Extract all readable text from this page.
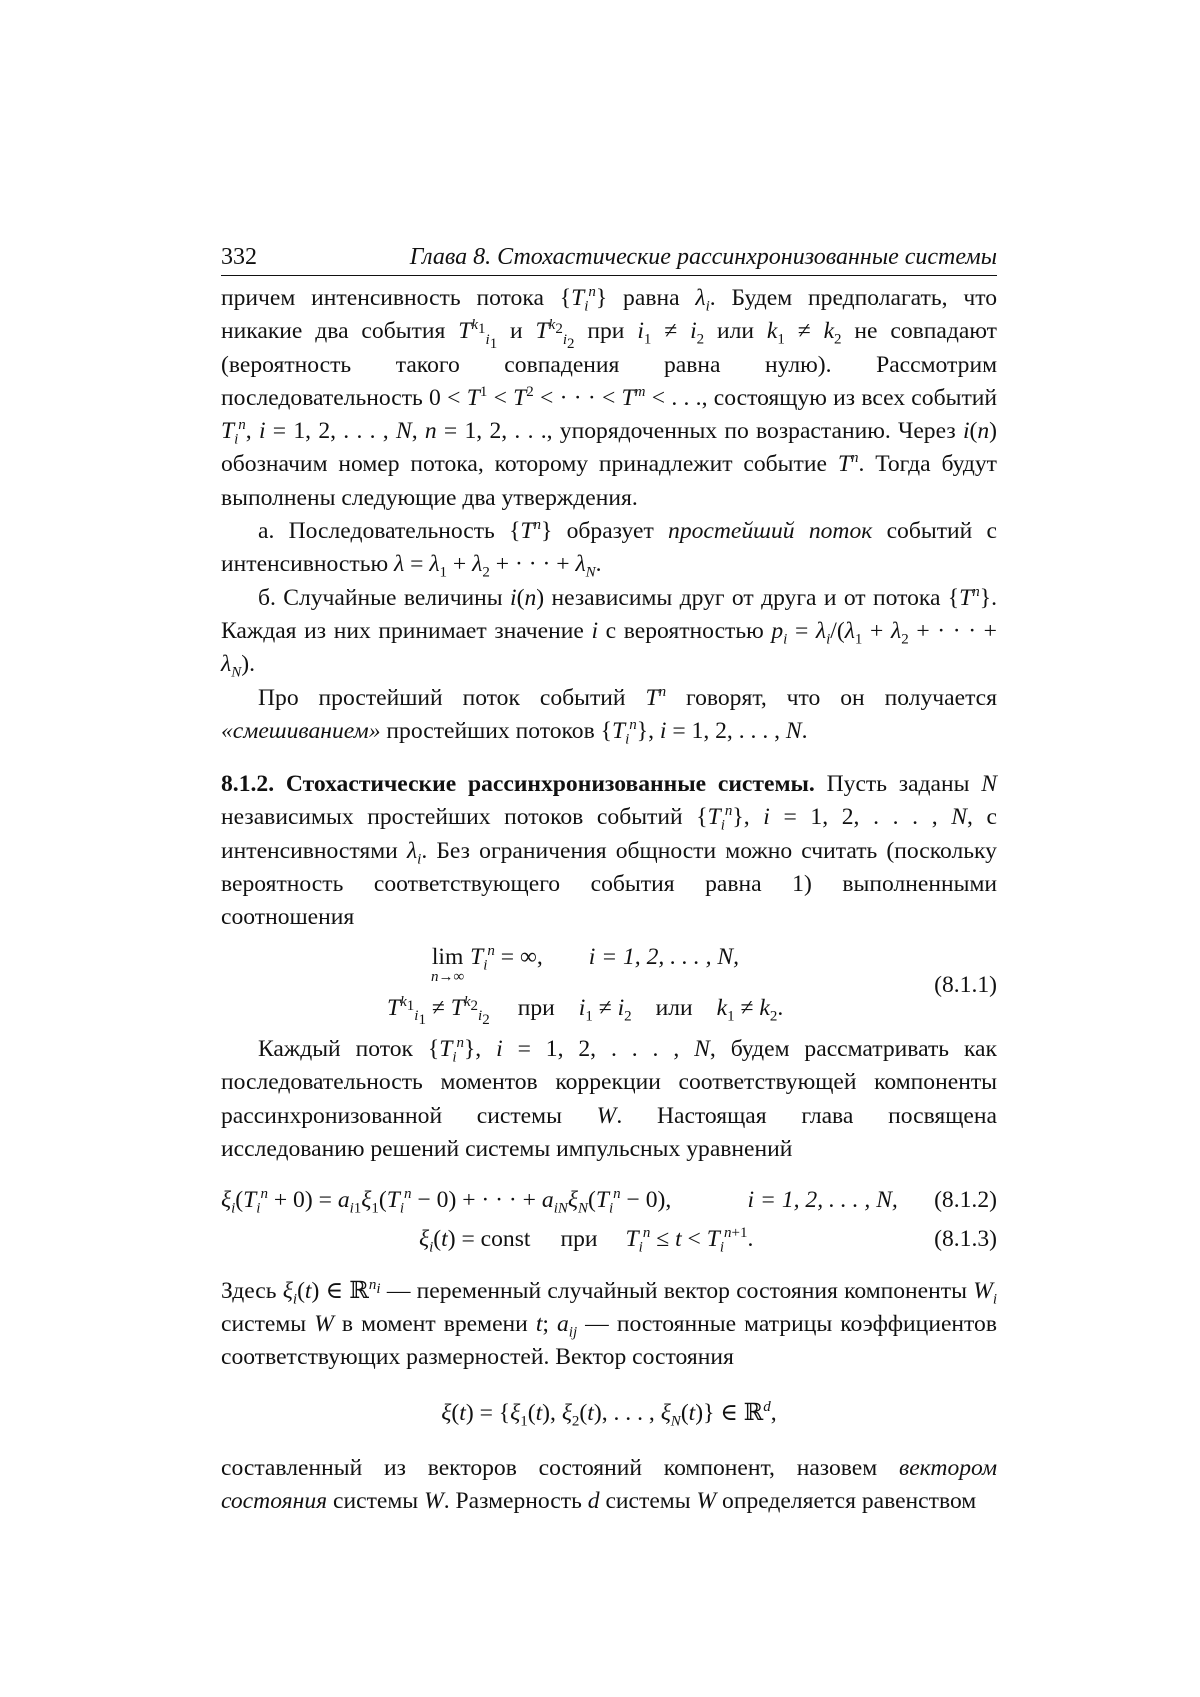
332	Глава 8. Стохастические рассинхронизованные системы

причем интенсивность потока {Tin} равна λi. Будем предполагать, что никакие два события Tk1i1 и Tk2i2 при i1 ≠ i2 или k1 ≠ k2 не совпадают (вероятность такого совпадения равна нулю). Рассмотрим последовательность 0 < T1 < T2 < · · · < Tm < . . ., состоящую из всех событий Tin, i = 1, 2, . . . , N, n = 1, 2, . . ., упорядоченных по возрастанию. Через i(n) обозначим номер потока, которому принадлежит событие Tn. Тогда будут выполнены следующие два утверждения.

а. Последовательность {Tn} образует простейший поток событий с интенсивностью λ = λ1 + λ2 + · · · + λN.

б. Случайные величины i(n) независимы друг от друга и от потока {Tn}. Каждая из них принимает значение i с вероятностью pi = λi/(λ1 + λ2 + · · · + λN).

Про простейший поток событий Tn говорят, что он получается «смешиванием» простейших потоков {Tin}, i = 1, 2, . . . , N.

8.1.2. Стохастические рассинхронизованные системы. Пусть заданы N независимых простейших потоков событий {Tin}, i = 1, 2, . . . , N, с интенсивностями λi. Без ограничения общности можно считать (поскольку вероятность соответствующего события равна 1) выполненными соотношения

lim
n→∞
Tin = ∞, i = 1, 2, . . . , N,
Tk1i1 ≠ Tk2i2 при i1 ≠ i2 или k1 ≠ k2.
(8.1.1)

Каждый поток {Tin}, i = 1, 2, . . . , N, будем рассматривать как последовательность моментов коррекции соответствующей компоненты рассинхронизованной системы W. Настоящая глава посвящена исследованию решений системы импульсных уравнений

ξi(Tin + 0) = ai1ξ1(Tin − 0) + · · · + aiNξN(Tin − 0),	i = 1, 2, . . . , N, (8.1.2)
ξi(t) = const при Tin ≤ t < Tin+1.	(8.1.3)

Здесь ξi(t) ∈ ℝni — переменный случайный вектор состояния компоненты Wi системы W в момент времени t; aij — постоянные матрицы коэффициентов соответствующих размерностей. Вектор состояния

ξ(t) = {ξ1(t), ξ2(t), . . . , ξN(t)} ∈ ℝd,

составленный из векторов состояний компонент, назовем вектором состояния системы W. Размерность d системы W определяется равенством
